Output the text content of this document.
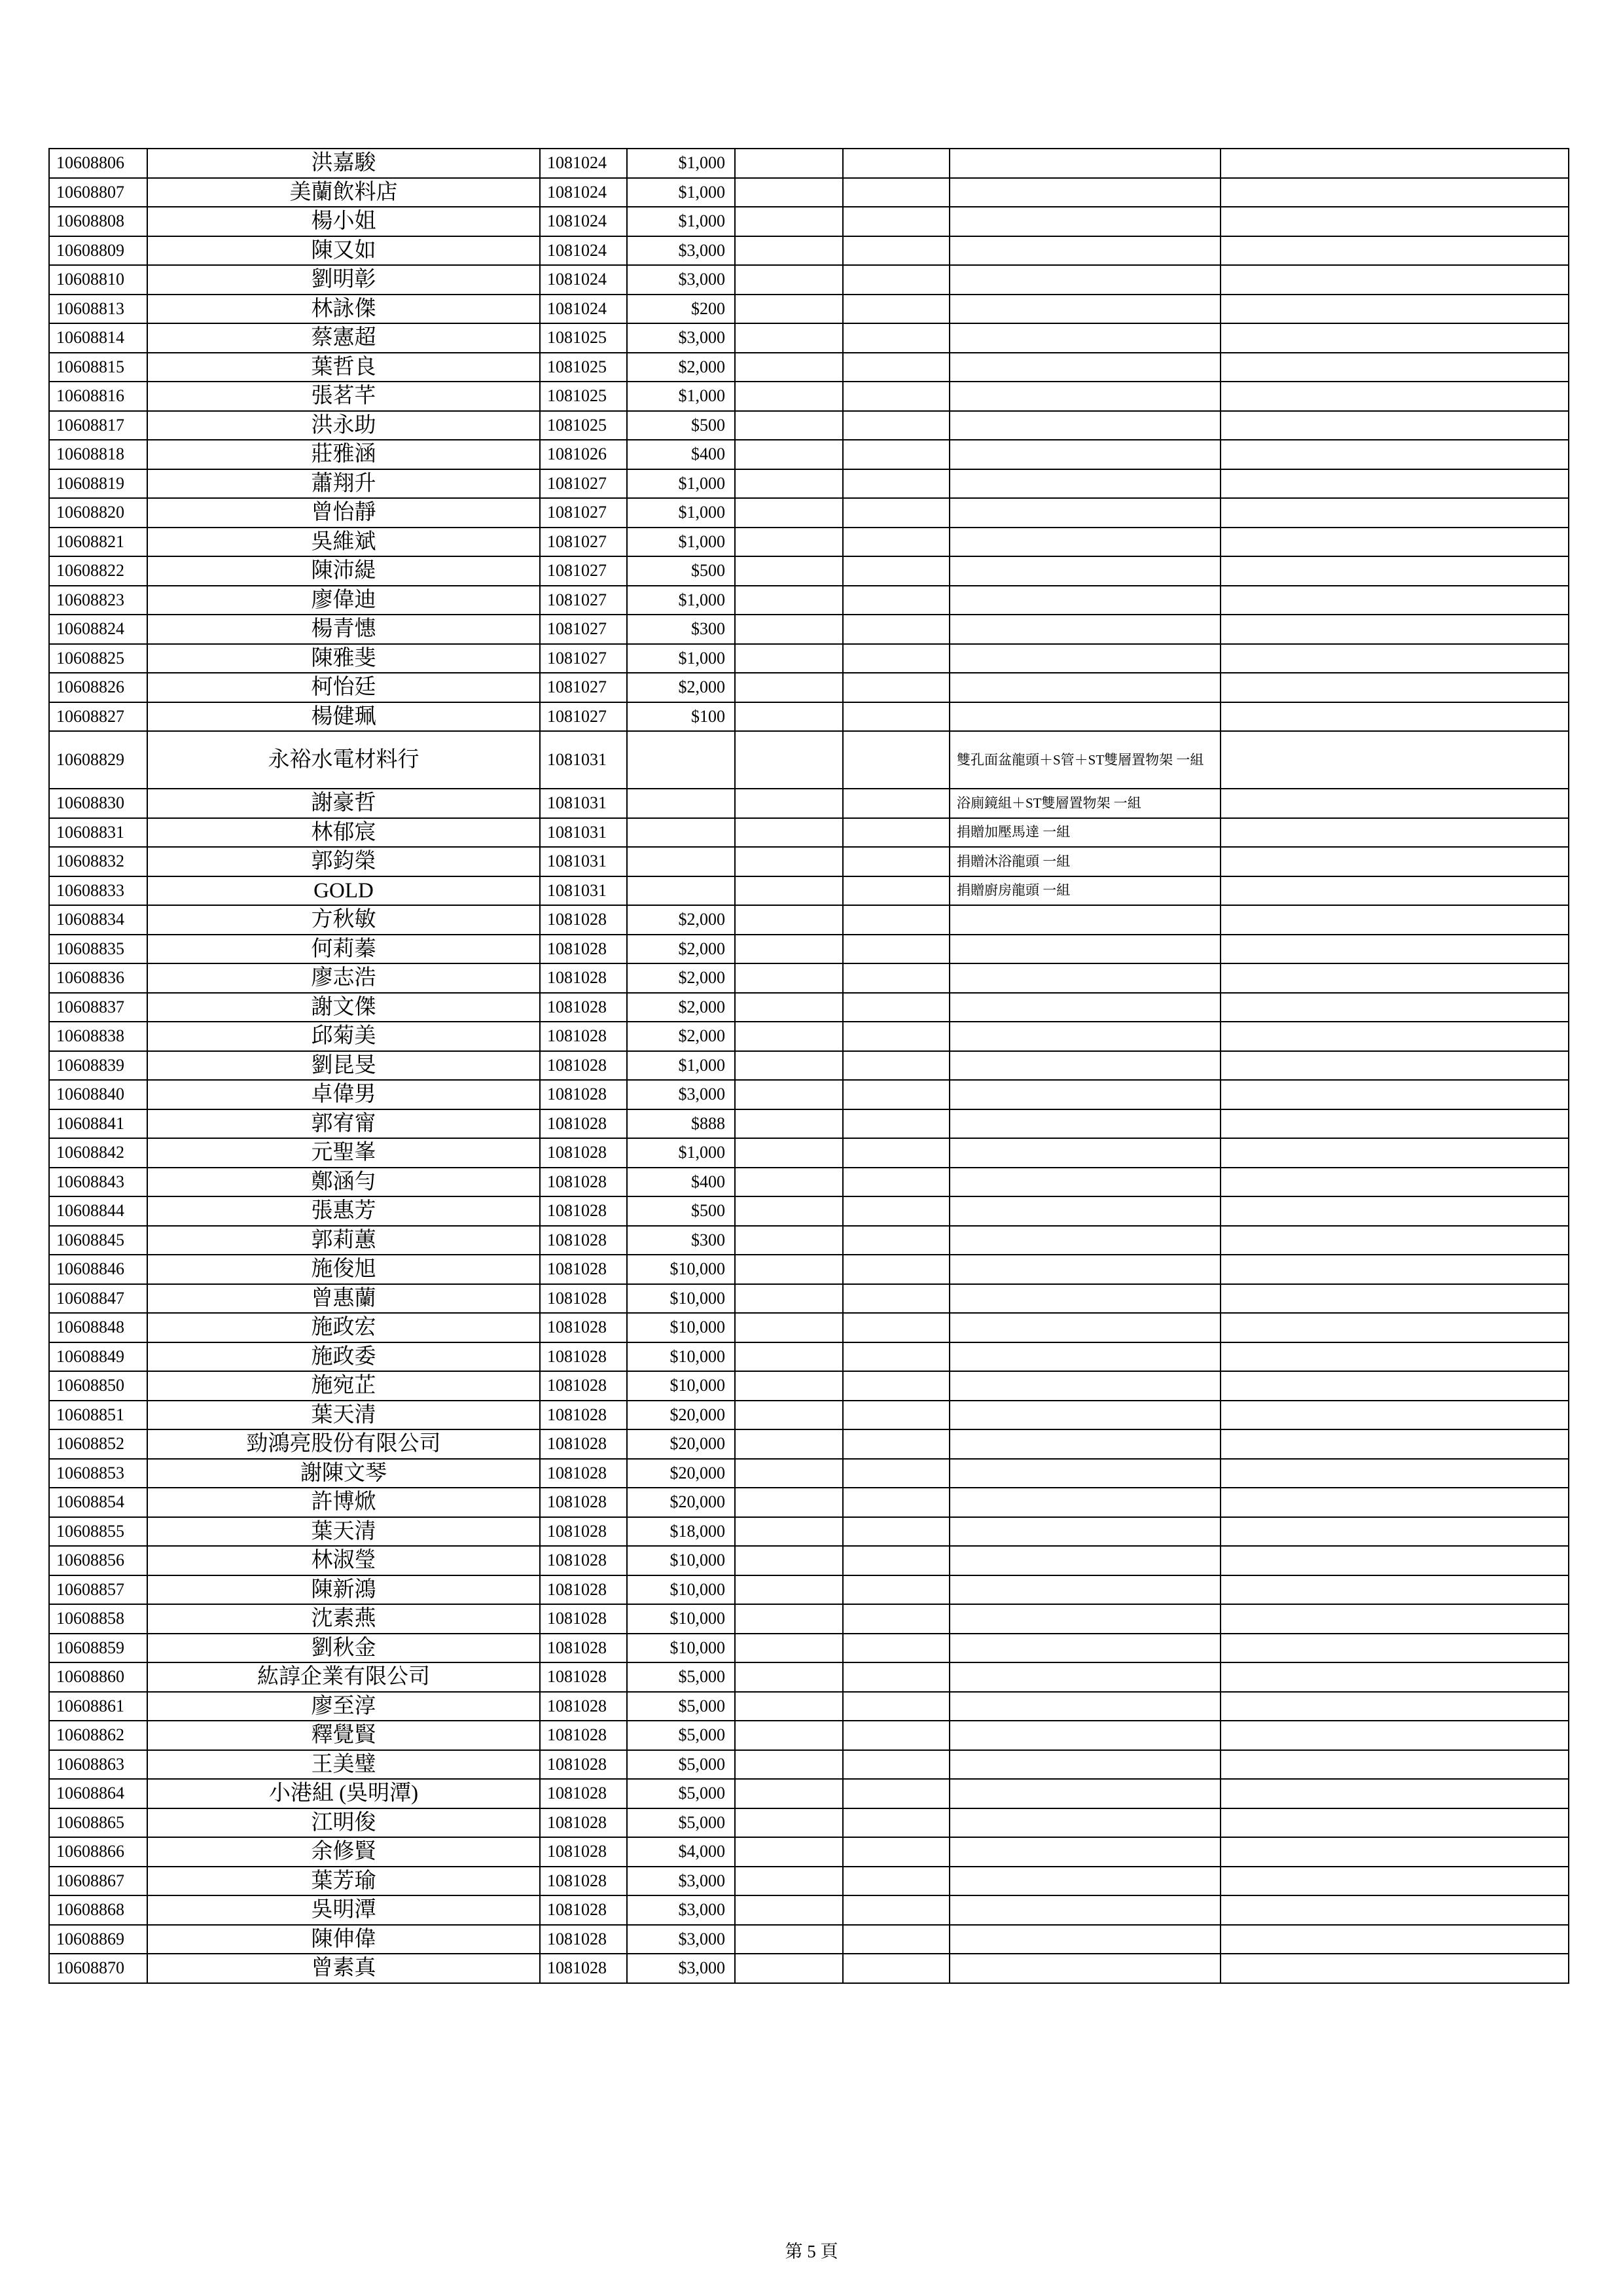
10608806	洪嘉駿	1081024	$1,000				
10608807	美蘭飲料店	1081024	$1,000				
10608808	楊小姐	1081024	$1,000				
10608809	陳又如	1081024	$3,000				
10608810	劉明彰	1081024	$3,000				
10608813	林詠傑	1081024	$200				
10608814	蔡憲超	1081025	$3,000				
10608815	葉哲良	1081025	$2,000				
10608816	張茗芊	1081025	$1,000				
10608817	洪永助	1081025	$500				
10608818	莊雅涵	1081026	$400				
10608819	蕭翔升	1081027	$1,000				
10608820	曾怡靜	1081027	$1,000				
10608821	吳維斌	1081027	$1,000				
10608822	陳沛緹	1081027	$500				
10608823	廖偉迪	1081027	$1,000				
10608824	楊青憓	1081027	$300				
10608825	陳雅斐	1081027	$1,000				
10608826	柯怡廷	1081027	$2,000				
10608827	楊健珮	1081027	$100				
10608829	永裕水電材料行	1081031				雙孔面盆龍頭＋S管＋ST雙層置物架 一組	
10608830	謝豪哲	1081031				浴廁鏡組＋ST雙層置物架 一組	
10608831	林郁宸	1081031				捐贈加壓馬達 一組	
10608832	郭鈞榮	1081031				捐贈沐浴龍頭 一組	
10608833	GOLD	1081031				捐贈廚房龍頭 一組	
10608834	方秋敏	1081028	$2,000				
10608835	何莉蓁	1081028	$2,000				
10608836	廖志浩	1081028	$2,000				
10608837	謝文傑	1081028	$2,000				
10608838	邱菊美	1081028	$2,000				
10608839	劉昆旻	1081028	$1,000				
10608840	卓偉男	1081028	$3,000				
10608841	郭宥甯	1081028	$888				
10608842	元聖峯	1081028	$1,000				
10608843	鄭涵勻	1081028	$400				
10608844	張惠芳	1081028	$500				
10608845	郭莉蕙	1081028	$300				
10608846	施俊旭	1081028	$10,000				
10608847	曾惠蘭	1081028	$10,000				
10608848	施政宏	1081028	$10,000				
10608849	施政委	1081028	$10,000				
10608850	施宛芷	1081028	$10,000				
10608851	葉天清	1081028	$20,000				
10608852	勁鴻亮股份有限公司	1081028	$20,000				
10608853	謝陳文琴	1081028	$20,000				
10608854	許博焮	1081028	$20,000				
10608855	葉天清	1081028	$18,000				
10608856	林淑瑩	1081028	$10,000				
10608857	陳新鴻	1081028	$10,000				
10608858	沈素燕	1081028	$10,000				
10608859	劉秋金	1081028	$10,000				
10608860	紘諄企業有限公司	1081028	$5,000				
10608861	廖至淳	1081028	$5,000				
10608862	釋覺賢	1081028	$5,000				
10608863	王美璧	1081028	$5,000				
10608864	小港組 (吳明潭)	1081028	$5,000				
10608865	江明俊	1081028	$5,000				
10608866	余修賢	1081028	$4,000				
10608867	葉芳瑜	1081028	$3,000				
10608868	吳明潭	1081028	$3,000				
10608869	陳伸偉	1081028	$3,000				
10608870	曾素真	1081028	$3,000				
第 5 頁
